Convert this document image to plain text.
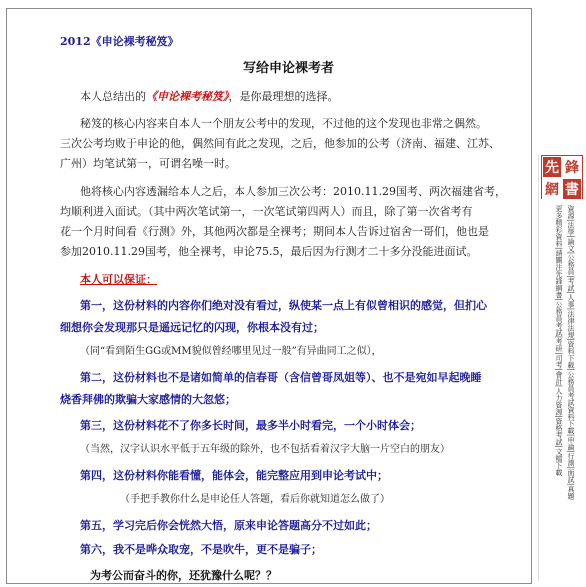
2012《申论裸考秘笈》
写给申论裸考者
本人总结出的《申论裸考秘笈》，是你最理想的选择。
秘笈的核心内容来自本人一个朋友公考中的发现，不过他的这个发现也非常之偶然。
三次公考均败于申论的他，偶然间有此之发现，之后，他参加的公考（济南、福建、江苏、
广州）均笔试第一，可谓名噪一时。
他将核心内容透漏给本人之后，本人参加三次公考：2010.11.29国考、两次福建省考，
均顺利进入面试。（其中两次笔试第一，一次笔试第四两人）而且，除了第一次省考有
花一个月时间看《行测》外，其他两次都是全裸考；期间本人告诉过宿舍一哥们，他也是
参加2010.11.29国考，他全裸考，申论75.5，最后因为行测才二十多分没能进面试。
本人可以保证：
第一，这份材料的内容你们绝对没有看过，纵使某一点上有似曾相识的感觉，但扪心
细想你会发现那只是遥远记忆的闪现，你根本没有过；
（同“看到陌生GG或MM貌似曾经哪里见过一般”有异曲同工之似），
第二，这份材料也不是诸如简单的信春哥（含信曾哥凤姐等）、也不是宛如早起晚睡
烧香拜佛的欺骗大家感情的大忽悠；
第三，这份材料花不了你多长时间，最多半小时看完，一个小时体会；
（当然，汉字认识水平低于五年级的除外，也不包括看着汉字大脑一片空白的朋友）
第四，这份材料你能看懂，能体会，能完整应用到申论考试中；
（手把手教你什么是申论任人答题，看后你就知道怎么做了）
第五，学习完后你会恍然大悟，原来申论答题高分不过如此；
第六，我不是哗众取宠，不是吹牛，更不是骗子；
为考公而奋斗的你，还犹豫什么呢？？
先 鋒
網 書
資源|法學|論文|公務員|考試|人事|法律法規|資料下載|公務員考試資料下載|申論|行測|面試|真題
更多精彩資料|請關注先鋒網書|公務員考試|考研|司考|會計|人力資源|資格考試|文檔下載
